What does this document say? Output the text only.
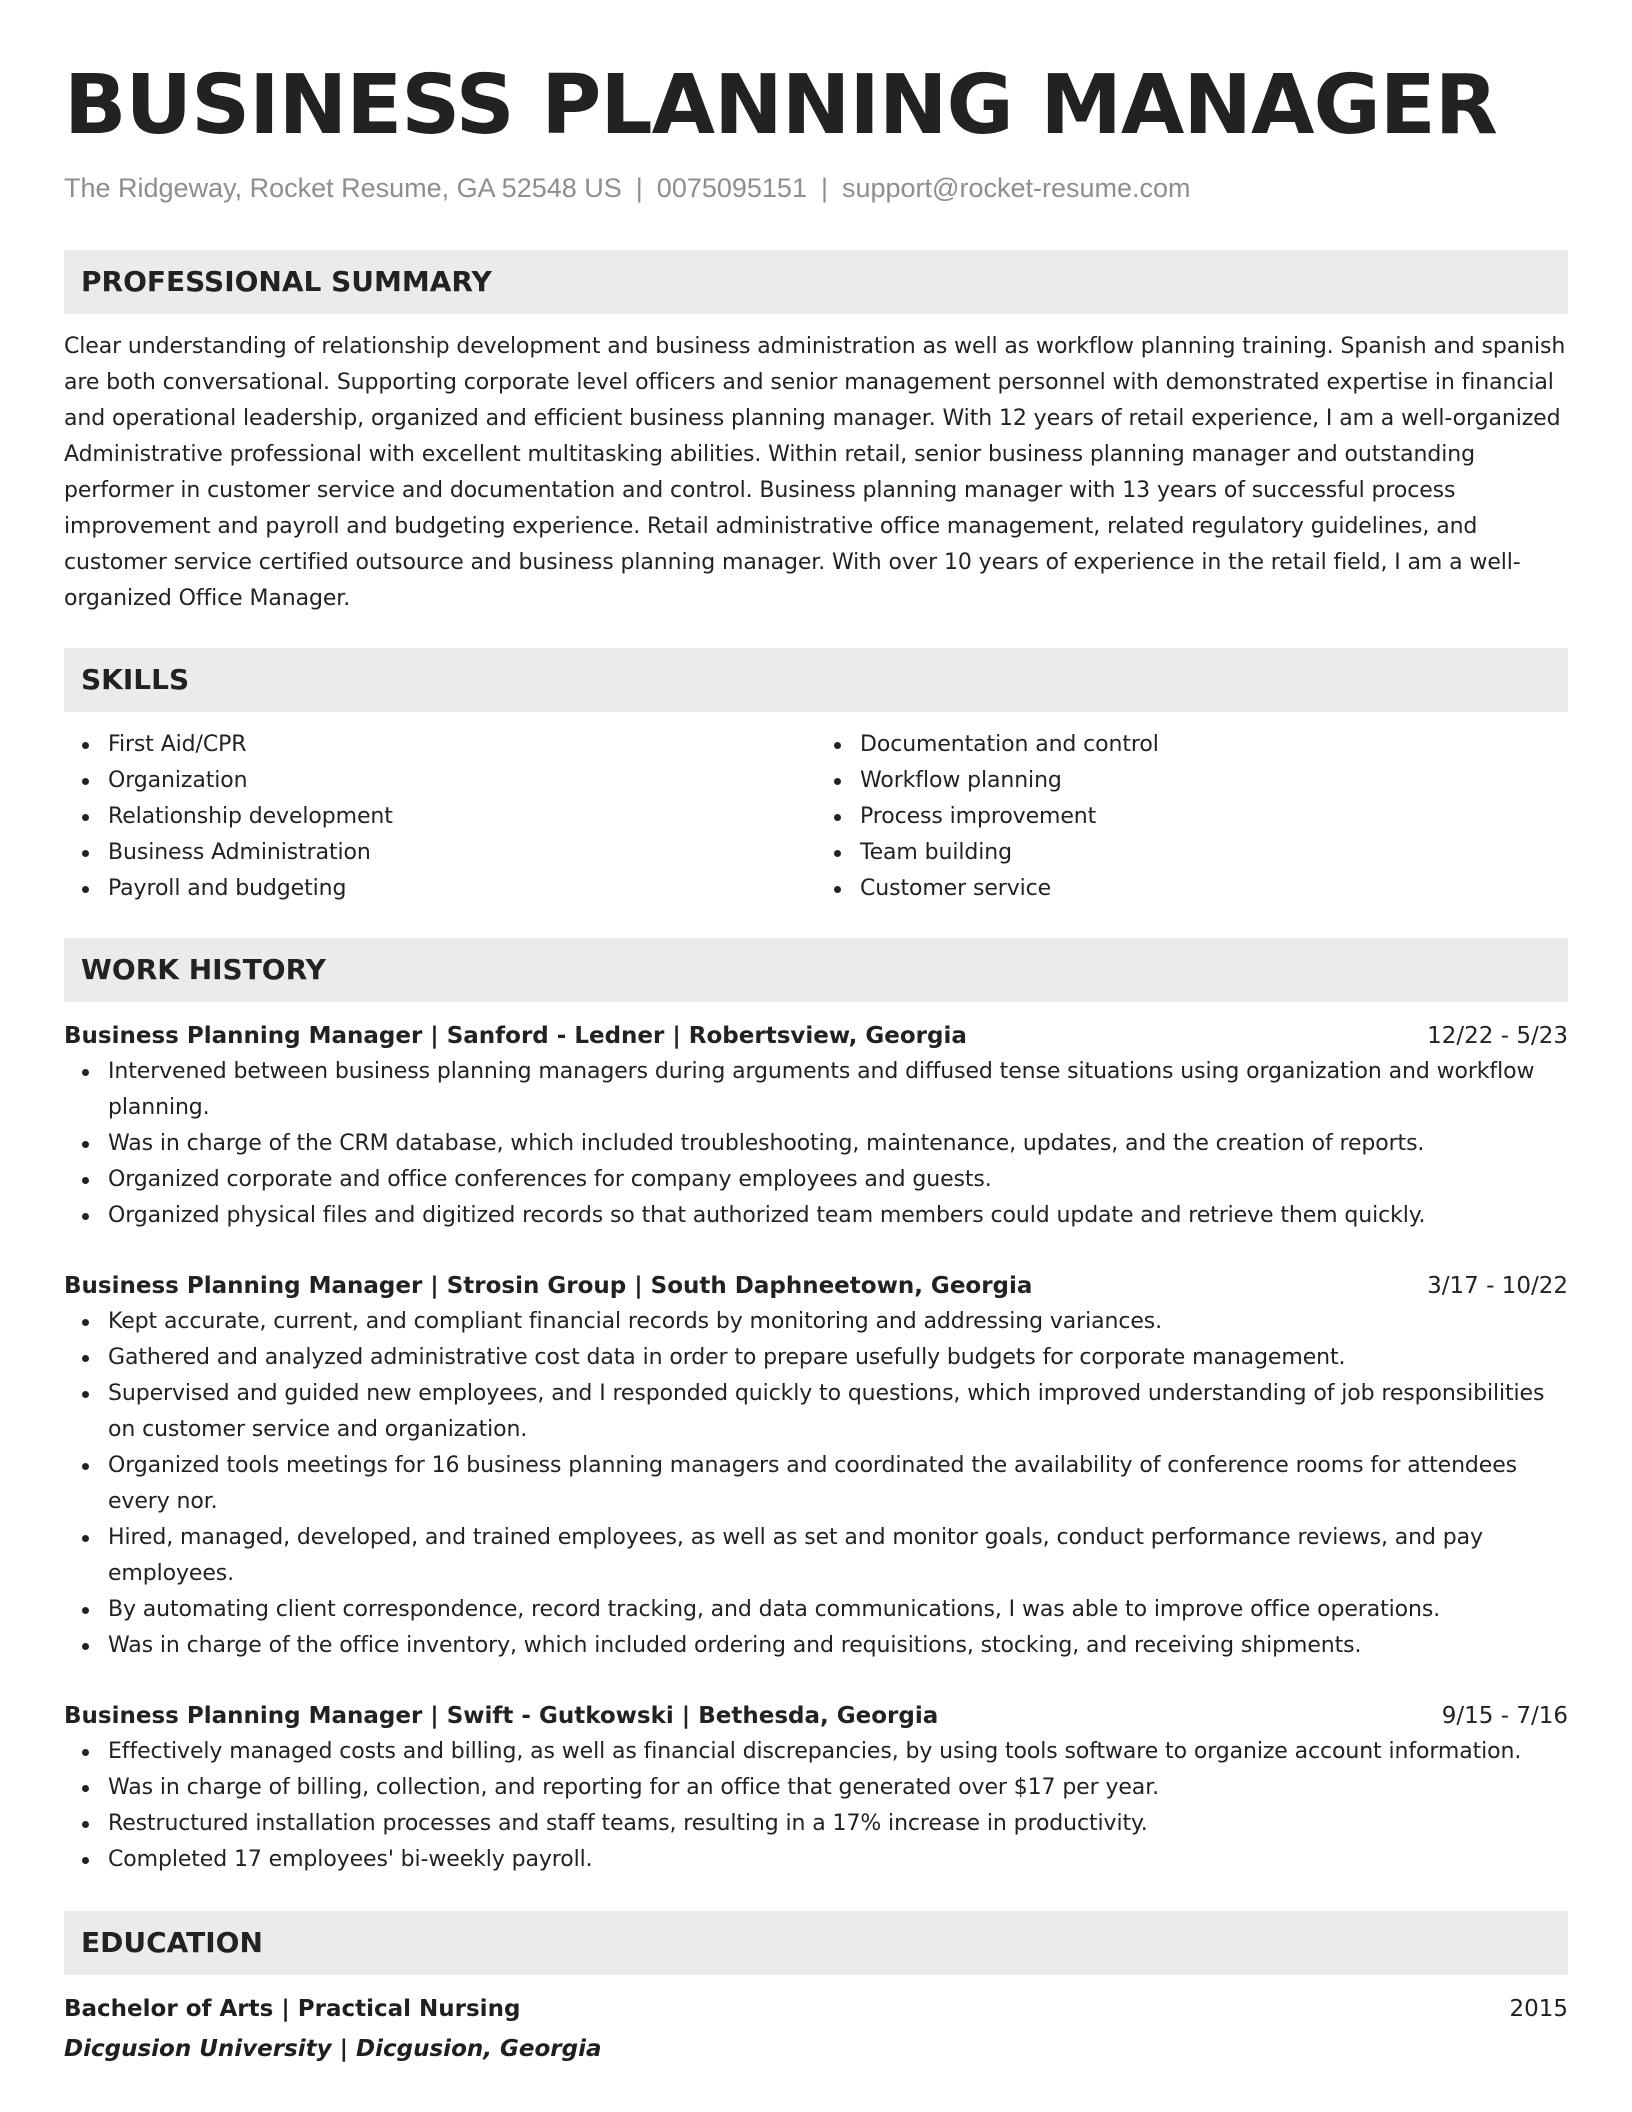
BUSINESS PLANNING MANAGER
The Ridgeway, Rocket Resume, GA 52548 US | 0075095151 | support@rocket-resume.com
PROFESSIONAL SUMMARY
Clear understanding of relationship development and business administration as well as workflow planning training. Spanish and spanish are both conversational. Supporting corporate level officers and senior management personnel with demonstrated expertise in financial and operational leadership, organized and efficient business planning manager. With 12 years of retail experience, I am a well-organized Administrative professional with excellent multitasking abilities. Within retail, senior business planning manager and outstanding performer in customer service and documentation and control. Business planning manager with 13 years of successful process improvement and payroll and budgeting experience. Retail administrative office management, related regulatory guidelines, and customer service certified outsource and business planning manager. With over 10 years of experience in the retail field, I am a well-organized Office Manager.
SKILLS
First Aid/CPR
Organization
Relationship development
Business Administration
Payroll and budgeting
Documentation and control
Workflow planning
Process improvement
Team building
Customer service
WORK HISTORY
Business Planning Manager | Sanford - Ledner | Robertsview, Georgia	12/22 - 5/23
Intervened between business planning managers during arguments and diffused tense situations using organization and workflow planning.
Was in charge of the CRM database, which included troubleshooting, maintenance, updates, and the creation of reports.
Organized corporate and office conferences for company employees and guests.
Organized physical files and digitized records so that authorized team members could update and retrieve them quickly.
Business Planning Manager | Strosin Group | South Daphneetown, Georgia	3/17 - 10/22
Kept accurate, current, and compliant financial records by monitoring and addressing variances.
Gathered and analyzed administrative cost data in order to prepare usefully budgets for corporate management.
Supervised and guided new employees, and I responded quickly to questions, which improved understanding of job responsibilities on customer service and organization.
Organized tools meetings for 16 business planning managers and coordinated the availability of conference rooms for attendees every nor.
Hired, managed, developed, and trained employees, as well as set and monitor goals, conduct performance reviews, and pay employees.
By automating client correspondence, record tracking, and data communications, I was able to improve office operations.
Was in charge of the office inventory, which included ordering and requisitions, stocking, and receiving shipments.
Business Planning Manager | Swift - Gutkowski | Bethesda, Georgia	9/15 - 7/16
Effectively managed costs and billing, as well as financial discrepancies, by using tools software to organize account information.
Was in charge of billing, collection, and reporting for an office that generated over $17 per year.
Restructured installation processes and staff teams, resulting in a 17% increase in productivity.
Completed 17 employees' bi-weekly payroll.
EDUCATION
Bachelor of Arts | Practical Nursing	2015
Dicgusion University | Dicgusion, Georgia
